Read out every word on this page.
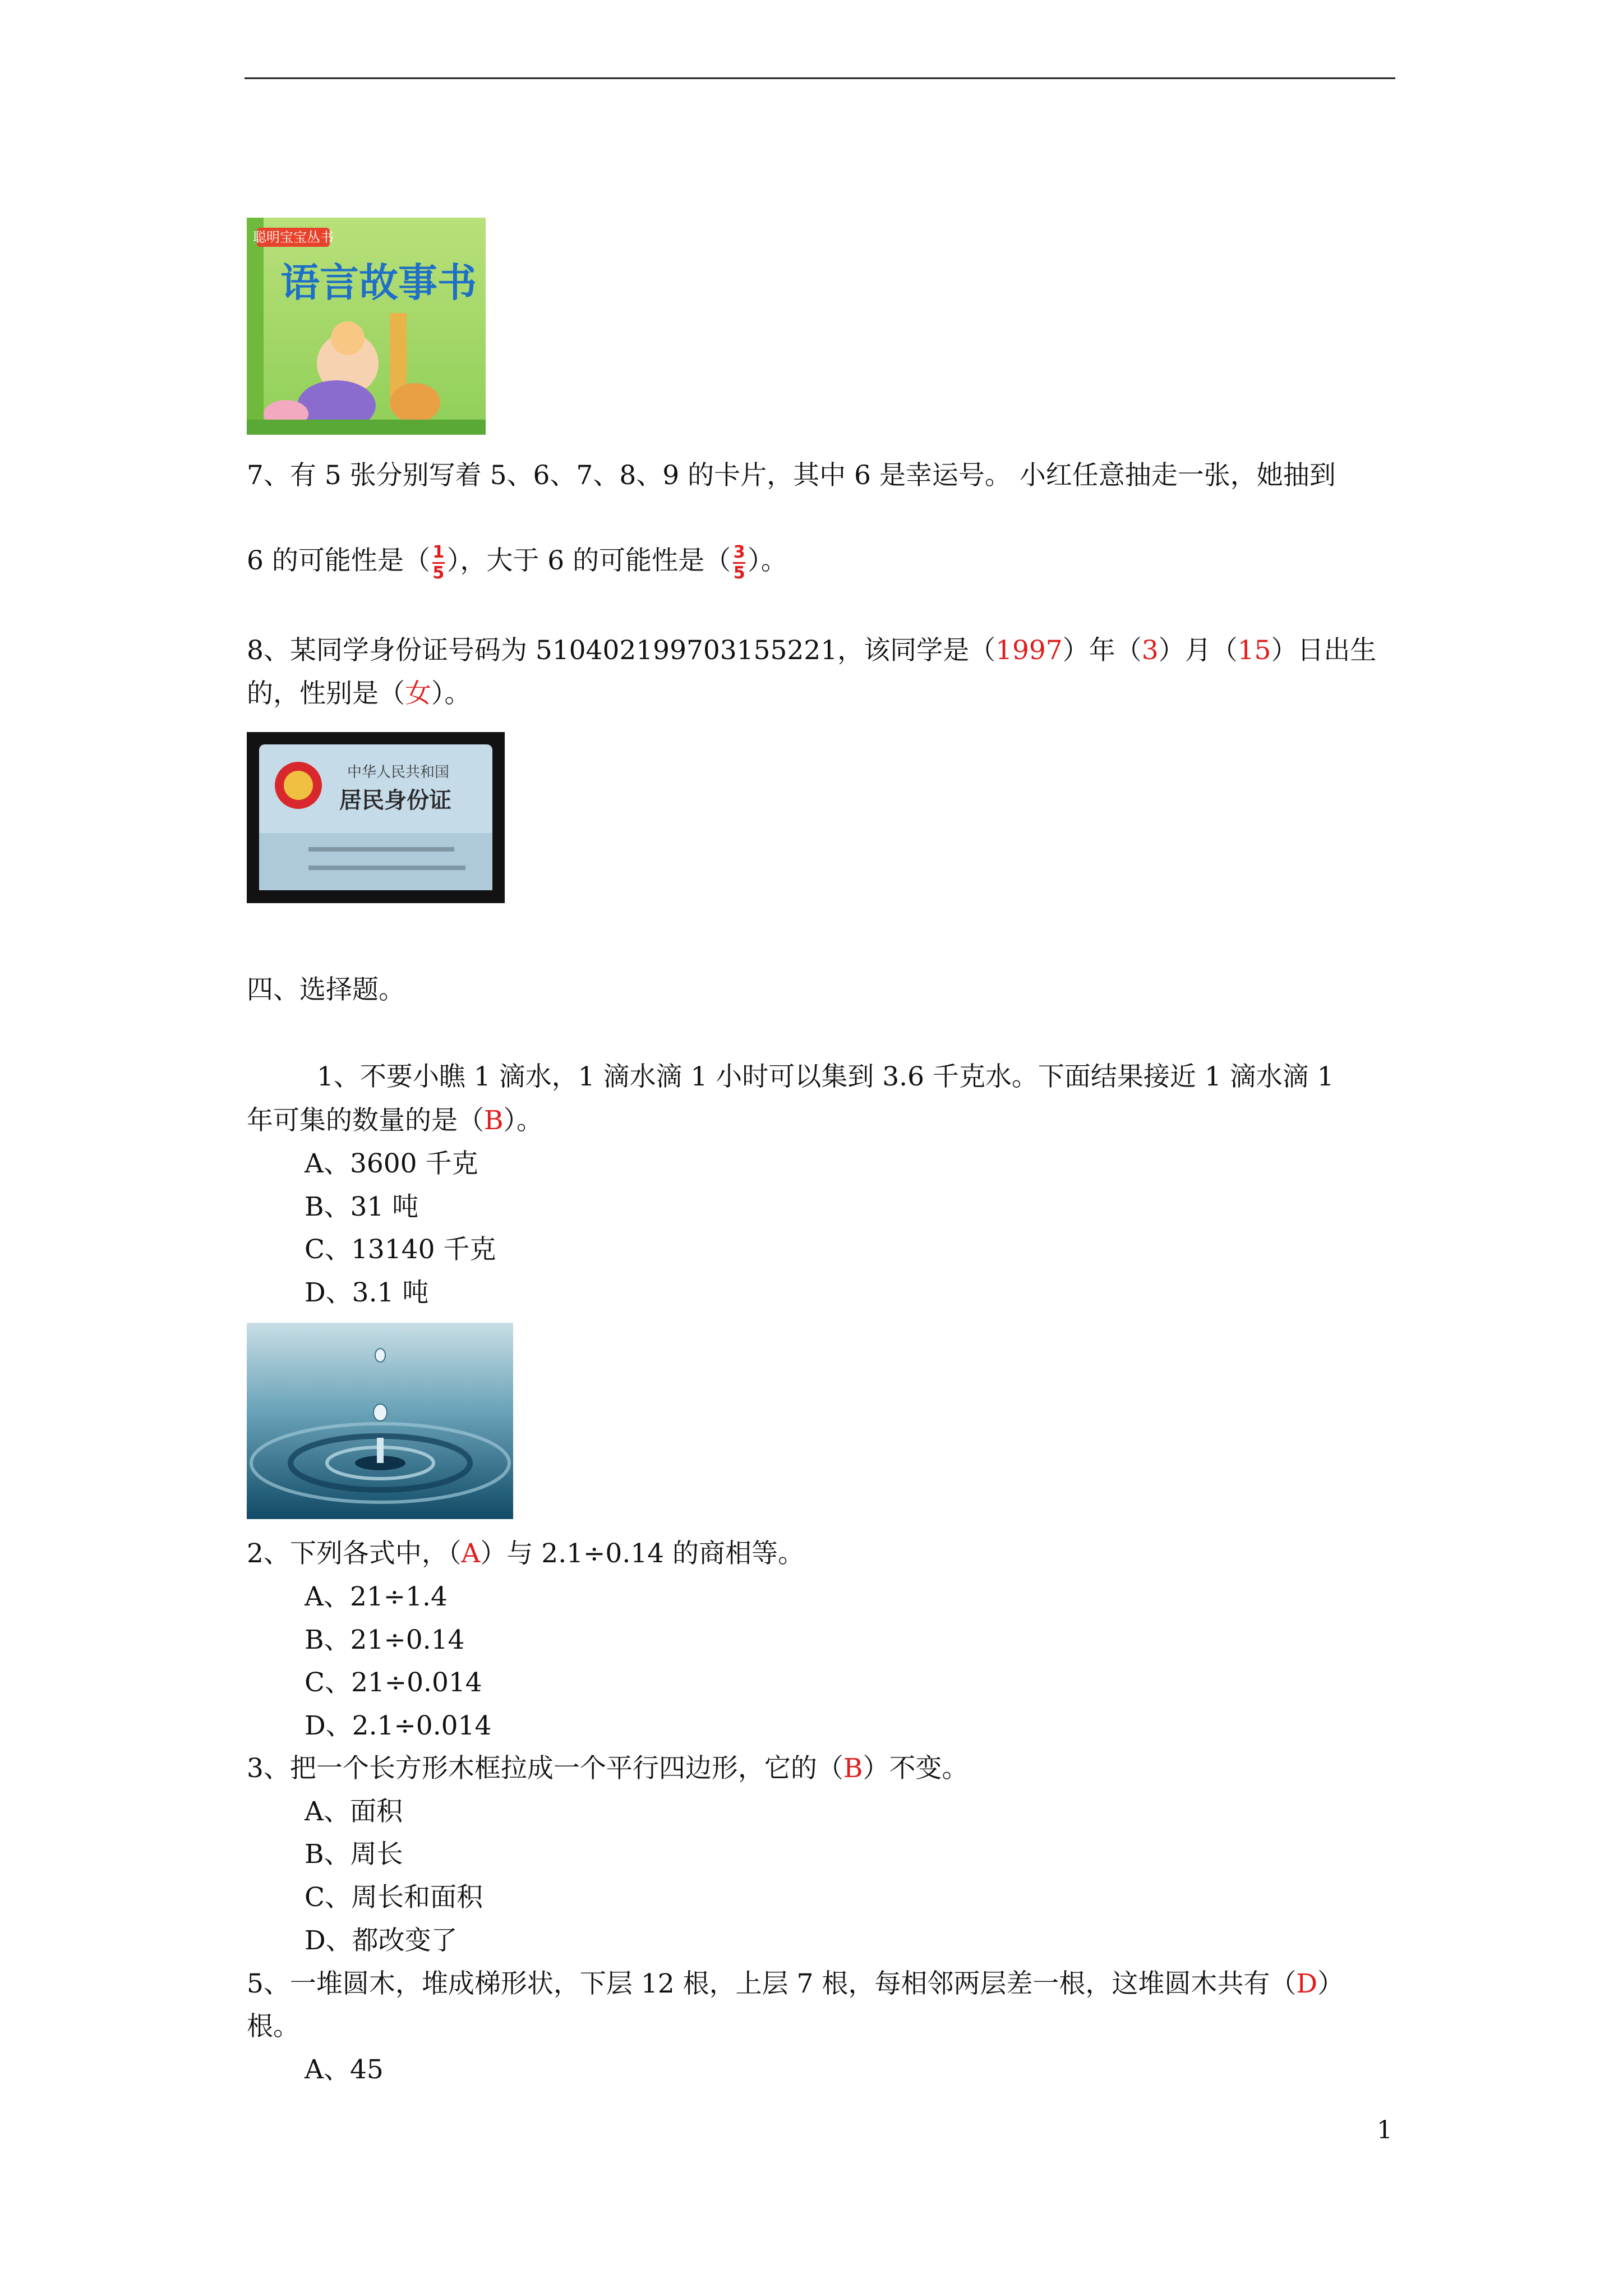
聪明宝宝丛书
语言故事书
7、有 5 张分别写着 5、6、7、8、9 的卡片，其中 6 是幸运号。 小红任意抽走一张，她抽到
6 的可能性是（ $\frac{1}{5}$），大于 6 的可能性是（ $\frac{3}{5}$）。
8、某同学身份证号码为 510402199703155221，该同学是（1997）年（3）月（15）日出生
的，性别是（女）。
中华人民共和国
居民身份证
四、选择题。
1、不要小瞧 1 滴水，1 滴水滴 1 小时可以集到 3.6 千克水。下面结果接近 1 滴水滴 1
年可集的数量的是（B）。
A、3600 千克
B、31 吨
C、13140 千克
D、3.1 吨
2、下列各式中，（A）与 2.1÷0.14 的商相等。
A、21÷1.4
B、21÷0.14
C、21÷0.014
D、2.1÷0.014
3、把一个长方形木框拉成一个平行四边形，它的（B）不变。
A、面积
B、周长
C、周长和面积
D、都改变了
5、一堆圆木，堆成梯形状，下层 12 根，上层 7 根，每相邻两层差一根，这堆圆木共有（D）
根。
A、45
1
